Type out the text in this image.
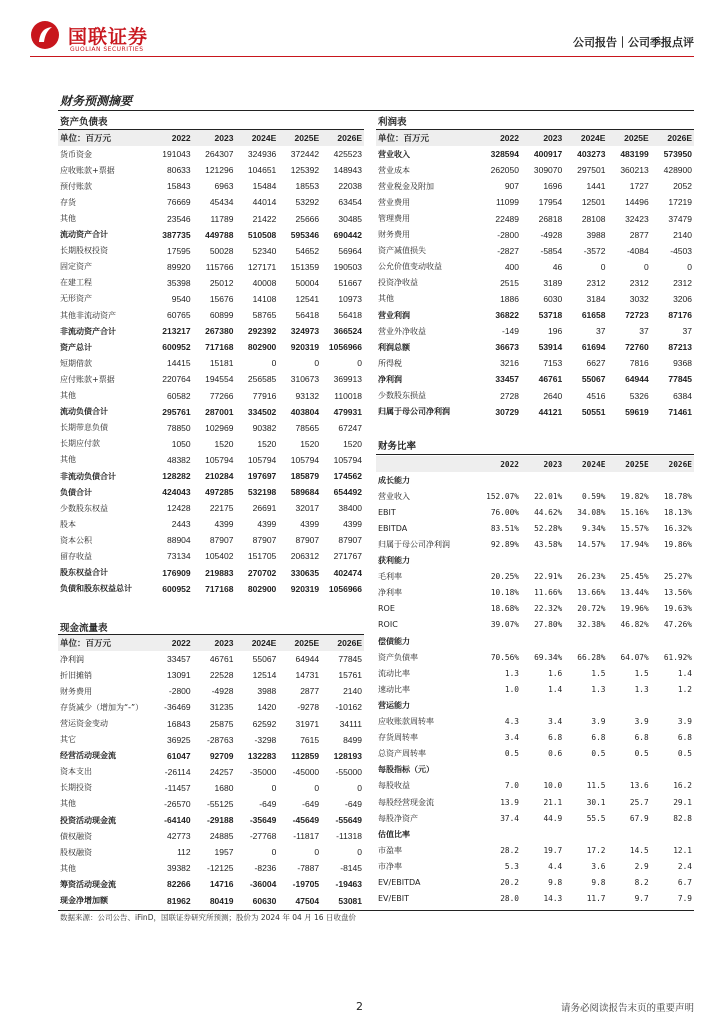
国联证券
GUOLIAN SECURITIES
公司报告｜公司季报点评
财务预测摘要
资产负债表
单位：百万元	2022	2023	2024E	2025E	2026E
货币资金	191043	264307	324936	372442	425523
应收账款+票据	80633	121296	104651	125392	148943
预付账款	15843	6963	15484	18553	22038
存货	76669	45434	44014	53292	63454
其他	23546	11789	21422	25666	30485
流动资产合计	387735	449788	510508	595346	690442
长期股权投资	17595	50028	52340	54652	56964
固定资产	89920	115766	127171	151359	190503
在建工程	35398	25012	40008	50004	51667
无形资产	9540	15676	14108	12541	10973
其他非流动资产	60765	60899	58765	56418	56418
非流动资产合计	213217	267380	292392	324973	366524
资产总计	600952	717168	802900	920319	1056966
短期借款	14415	15181	0	0	0
应付账款+票据	220764	194554	256585	310673	369913
其他	60582	77266	77916	93132	110018
流动负债合计	295761	287001	334502	403804	479931
长期带息负债	78850	102969	90382	78565	67247
长期应付款	1050	1520	1520	1520	1520
其他	48382	105794	105794	105794	105794
非流动负债合计	128282	210284	197697	185879	174562
负债合计	424043	497285	532198	589684	654492
少数股东权益	12428	22175	26691	32017	38400
股本	2443	4399	4399	4399	4399
资本公积	88904	87907	87907	87907	87907
留存收益	73134	105402	151705	206312	271767
股东权益合计	176909	219883	270702	330635	402474
负债和股东权益总计	600952	717168	802900	920319	1056966
利润表
单位：百万元	2022	2023	2024E	2025E	2026E
营业收入	328594	400917	403273	483199	573950
营业成本	262050	309070	297501	360213	428900
营业税金及附加	907	1696	1441	1727	2052
营业费用	11099	17954	12501	14496	17219
管理费用	22489	26818	28108	32423	37479
财务费用	-2800	-4928	3988	2877	2140
资产减值损失	-2827	-5854	-3572	-4084	-4503
公允价值变动收益	400	46	0	0	0
投资净收益	2515	3189	2312	2312	2312
其他	1886	6030	3184	3032	3206
营业利润	36822	53718	61658	72723	87176
营业外净收益	-149	196	37	37	37
利润总额	36673	53914	61694	72760	87213
所得税	3216	7153	6627	7816	9368
净利润	33457	46761	55067	64944	77845
少数股东损益	2728	2640	4516	5326	6384
归属于母公司净利润	30729	44121	50551	59619	71461
财务比率
	2022	2023	2024E	2025E	2026E
成长能力					
营业收入	152.07%	22.01%	0.59%	19.82%	18.78%
EBIT	76.00%	44.62%	34.08%	15.16%	18.13%
EBITDA	83.51%	52.28%	9.34%	15.57%	16.32%
归属于母公司净利润	92.89%	43.58%	14.57%	17.94%	19.86%
获利能力					
毛利率	20.25%	22.91%	26.23%	25.45%	25.27%
净利率	10.18%	11.66%	13.66%	13.44%	13.56%
ROE	18.68%	22.32%	20.72%	19.96%	19.63%
ROIC	39.07%	27.80%	32.38%	46.82%	47.26%
偿债能力					
资产负债率	70.56%	69.34%	66.28%	64.07%	61.92%
流动比率	1.3	1.6	1.5	1.5	1.4
速动比率	1.0	1.4	1.3	1.3	1.2
营运能力					
应收账款周转率	4.3	3.4	3.9	3.9	3.9
存货周转率	3.4	6.8	6.8	6.8	6.8
总资产周转率	0.5	0.6	0.5	0.5	0.5
每股指标（元）					
每股收益	7.0	10.0	11.5	13.6	16.2
每股经营现金流	13.9	21.1	30.1	25.7	29.1
每股净资产	37.4	44.9	55.5	67.9	82.8
估值比率					
市盈率	28.2	19.7	17.2	14.5	12.1
市净率	5.3	4.4	3.6	2.9	2.4
EV/EBITDA	20.2	9.8	9.8	8.2	6.7
EV/EBIT	28.0	14.3	11.7	9.7	7.9
现金流量表
单位：百万元	2022	2023	2024E	2025E	2026E
净利润	33457	46761	55067	64944	77845
折旧摊销	13091	22528	12514	14731	15761
财务费用	-2800	-4928	3988	2877	2140
存货减少（增加为“-”）	-36469	31235	1420	-9278	-10162
营运资金变动	16843	25875	62592	31971	34111
其它	36925	-28763	-3298	7615	8499
经营活动现金流	61047	92709	132283	112859	128193
资本支出	-26114	24257	-35000	-45000	-55000
长期投资	-11457	1680	0	0	0
其他	-26570	-55125	-649	-649	-649
投资活动现金流	-64140	-29188	-35649	-45649	-55649
债权融资	42773	24885	-27768	-11817	-11318
股权融资	112	1957	0	0	0
其他	39382	-12125	-8236	-7887	-8145
筹资活动现金流	82266	14716	-36004	-19705	-19463
现金净增加额	81962	80419	60630	47504	53081
数据来源：公司公告、iFinD，国联证券研究所预测；股价为 2024 年 04 月 16 日收盘价
2	请务必阅读报告末页的重要声明
